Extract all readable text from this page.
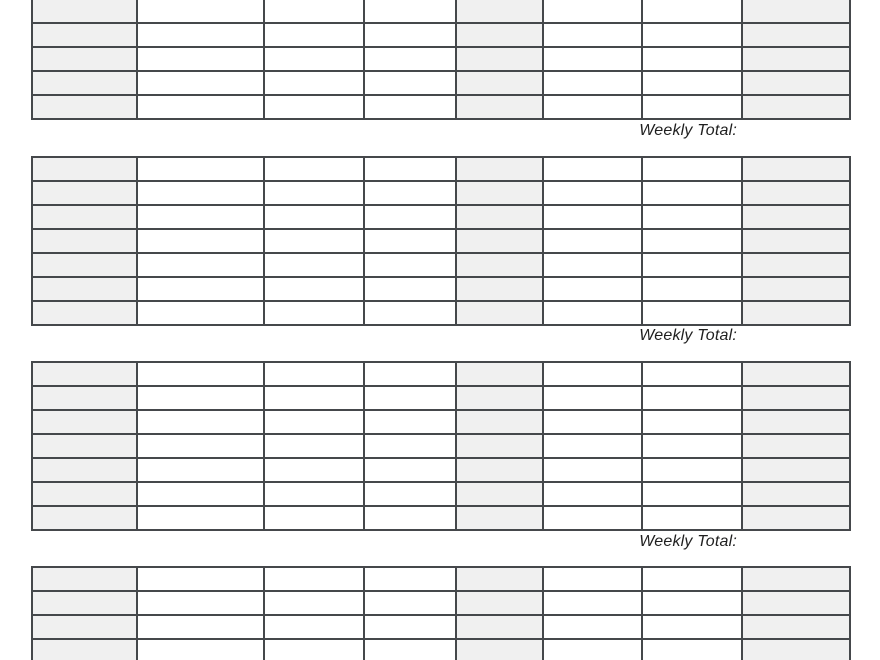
Weekly Total:

Weekly Total:

Weekly Total:
